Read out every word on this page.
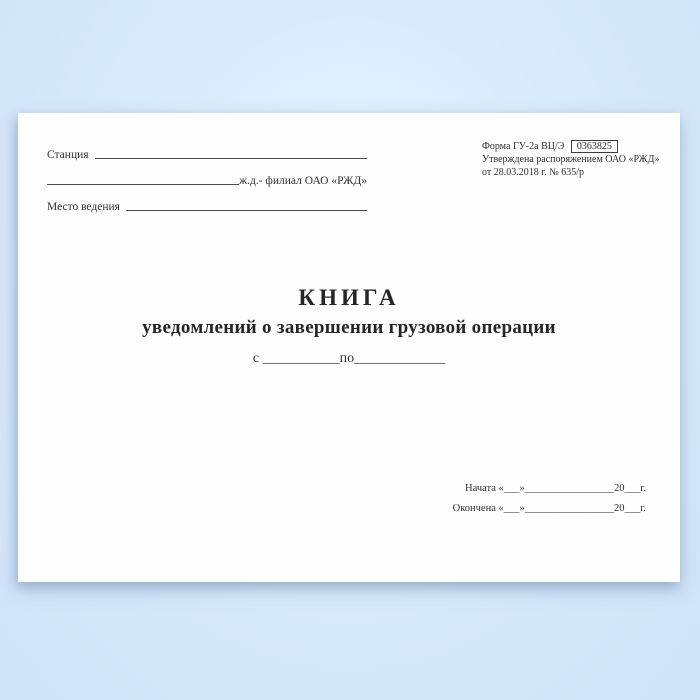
Станция
ж.д.- филиал ОАО «РЖД»
Место ведения
Форма ГУ-2а ВЦ/Э 0363825
Утверждена распоряжением ОАО «РЖД»
от 28.03.2018 г. № 635/р
КНИГА
уведомлений о завершении грузовой операции
с ___________по_____________
Начата «___»_________________20___г.
Окончена «___»_________________20___г.
